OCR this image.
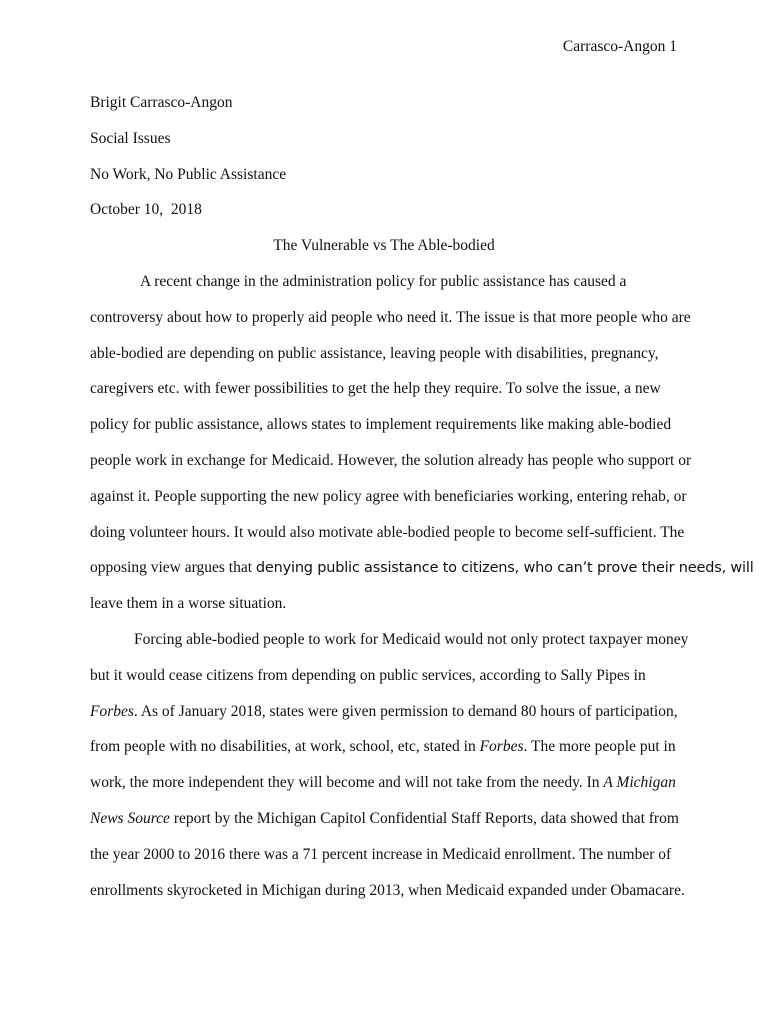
Carrasco-Angon 1
Brigit Carrasco-Angon
Social Issues
No Work, No Public Assistance
October 10,  2018
The Vulnerable vs The Able-bodied
A recent change in the administration policy for public assistance has caused a
controversy about how to properly aid people who need it. The issue is that more people who are
able-bodied are depending on public assistance, leaving people with disabilities, pregnancy,
caregivers etc. with fewer possibilities to get the help they require. To solve the issue, a new
policy for public assistance, allows states to implement requirements like making able-bodied
people work in exchange for Medicaid. However, the solution already has people who support or
against it. People supporting the new policy agree with beneficiaries working, entering rehab, or
doing volunteer hours. It would also motivate able-bodied people to become self-sufficient. The
opposing view argues that denying public assistance to citizens, who can’t prove their needs, will
leave them in a worse situation.
Forcing able-bodied people to work for Medicaid would not only protect taxpayer money
but it would cease citizens from depending on public services, according to Sally Pipes in
Forbes. As of January 2018, states were given permission to demand 80 hours of participation,
from people with no disabilities, at work, school, etc, stated in Forbes. The more people put in
work, the more independent they will become and will not take from the needy. In A Michigan
News Source report by the Michigan Capitol Confidential Staff Reports, data showed that from
the year 2000 to 2016 there was a 71 percent increase in Medicaid enrollment. The number of
enrollments skyrocketed in Michigan during 2013, when Medicaid expanded under Obamacare.
